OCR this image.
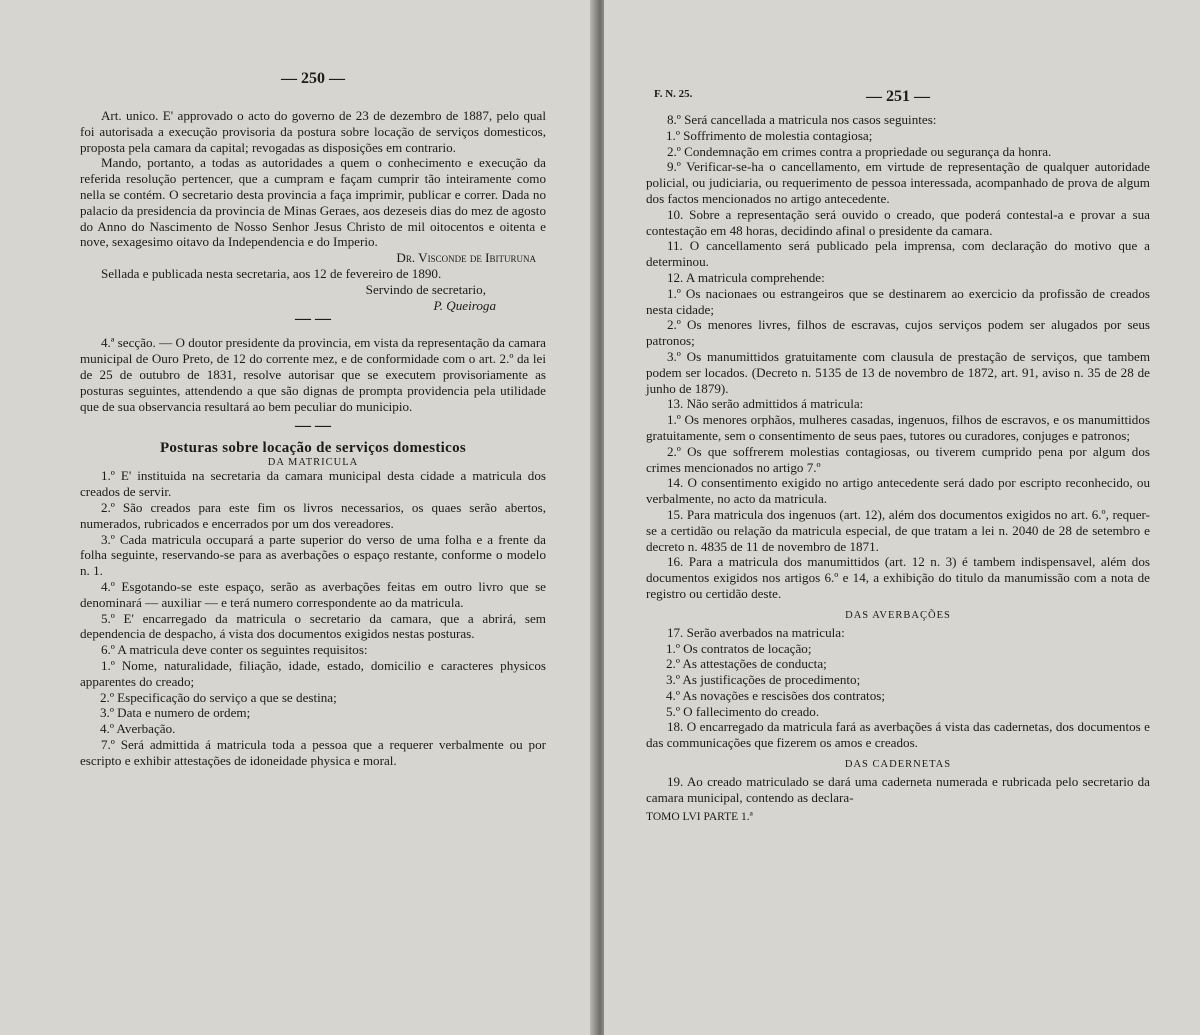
— 250 —

Art. unico. E' approvado o acto do governo de 23 de dezembro de 1887, pelo qual foi autorisada a execução provisoria da postura sobre locação de serviços domesticos, proposta pela camara da capital; revogadas as disposições em contrario.

Mando, portanto, a todas as autoridades a quem o conhecimento e execução da referida resolução pertencer, que a cumpram e façam cumprir tão inteiramente como nella se contém. O secretario desta provincia a faça imprimir, publicar e correr. Dada no palacio da presidencia da provincia de Minas Geraes, aos dezeseis dias do mez de agosto do Anno do Nascimento de Nosso Senhor Jesus Christo de mil oitocentos e oitenta e nove, sexagesimo oitavo da Independencia e do Imperio.

Dr. Visconde de Ibituruna

Sellada e publicada nesta secretaria, aos 12 de fevereiro de 1890.

Servindo de secretario,

P. Queiroga

— —

4.ª secção. — O doutor presidente da provincia, em vista da representação da camara municipal de Ouro Preto, de 12 do corrente mez, e de conformidade com o art. 2.º da lei de 25 de outubro de 1831, resolve autorisar que se executem provisoriamente as posturas seguintes, attendendo a que são dignas de prompta providencia pela utilidade que de sua observancia resultará ao bem peculiar do municipio.

— —

Posturas sobre locação de serviços domesticos

DA MATRICULA

1.º E' instituida na secretaria da camara municipal desta cidade a matricula dos creados de servir.

2.º São creados para este fim os livros necessarios, os quaes serão abertos, numerados, rubricados e encerrados por um dos vereadores.

3.º Cada matricula occupará a parte superior do verso de uma folha e a frente da folha seguinte, reservando-se para as averbações o espaço restante, conforme o modelo n. 1.

4.º Esgotando-se este espaço, serão as averbações feitas em outro livro que se denominará — auxiliar — e terá numero correspondente ao da matricula.

5.º E' encarregado da matricula o secretario da camara, que a abrirá, sem dependencia de despacho, á vista dos documentos exigidos nestas posturas.

6.º A matricula deve conter os seguintes requisitos:

1.º Nome, naturalidade, filiação, idade, estado, domicilio e caracteres physicos apparentes do creado;

2.º Especificação do serviço a que se destina;

3.º Data e numero de ordem;

4.º Averbação.

7.º Será admittida á matricula toda a pessoa que a requerer verbalmente ou por escripto e exhibir attestações de idoneidade physica e moral.

F. N. 25.	— 251 —

8.º Será cancellada a matricula nos casos seguintes:

1.º Soffrimento de molestia contagiosa;

2.º Condemnação em crimes contra a propriedade ou segurança da honra.

9.º Verificar-se-ha o cancellamento, em virtude de representação de qualquer autoridade policial, ou judiciaria, ou requerimento de pessoa interessada, acompanhado de prova de algum dos factos mencionados no artigo antecedente.

10. Sobre a representação será ouvido o creado, que poderá contestal-a e provar a sua contestação em 48 horas, decidindo afinal o presidente da camara.

11. O cancellamento será publicado pela imprensa, com declaração do motivo que a determinou.

12. A matricula comprehende:

1.º Os nacionaes ou estrangeiros que se destinarem ao exercicio da profissão de creados nesta cidade;

2.º Os menores livres, filhos de escravas, cujos serviços podem ser alugados por seus patronos;

3.º Os manumittidos gratuitamente com clausula de prestação de serviços, que tambem podem ser locados. (Decreto n. 5135 de 13 de novembro de 1872, art. 91, aviso n. 35 de 28 de junho de 1879).

13. Não serão admittidos á matricula:

1.º Os menores orphãos, mulheres casadas, ingenuos, filhos de escravos, e os manumittidos gratuitamente, sem o consentimento de seus paes, tutores ou curadores, conjuges e patronos;

2.º Os que soffrerem molestias contagiosas, ou tiverem cumprido pena por algum dos crimes mencionados no artigo 7.º

14. O consentimento exigido no artigo antecedente será dado por escripto reconhecido, ou verbalmente, no acto da matricula.

15. Para matricula dos ingenuos (art. 12), além dos documentos exigidos no art. 6.º, requer-se a certidão ou relação da matricula especial, de que tratam a lei n. 2040 de 28 de setembro e decreto n. 4835 de 11 de novembro de 1871.

16. Para a matricula dos manumittidos (art. 12 n. 3) é tambem indispensavel, além dos documentos exigidos nos artigos 6.º e 14, a exhibição do titulo da manumissão com a nota de registro ou certidão deste.

DAS AVERBAÇÕES

17. Serão averbados na matricula:

1.º Os contratos de locação;

2.º As attestações de conducta;

3.º As justificações de procedimento;

4.º As novações e rescisões dos contratos;

5.º O fallecimento do creado.

18. O encarregado da matricula fará as averbações á vista das cadernetas, dos documentos e das communicações que fizerem os amos e creados.

DAS CADERNETAS

19. Ao creado matriculado se dará uma caderneta numerada e rubricada pelo secretario da camara municipal, contendo as declara-

TOMO LVI PARTE 1.ª
